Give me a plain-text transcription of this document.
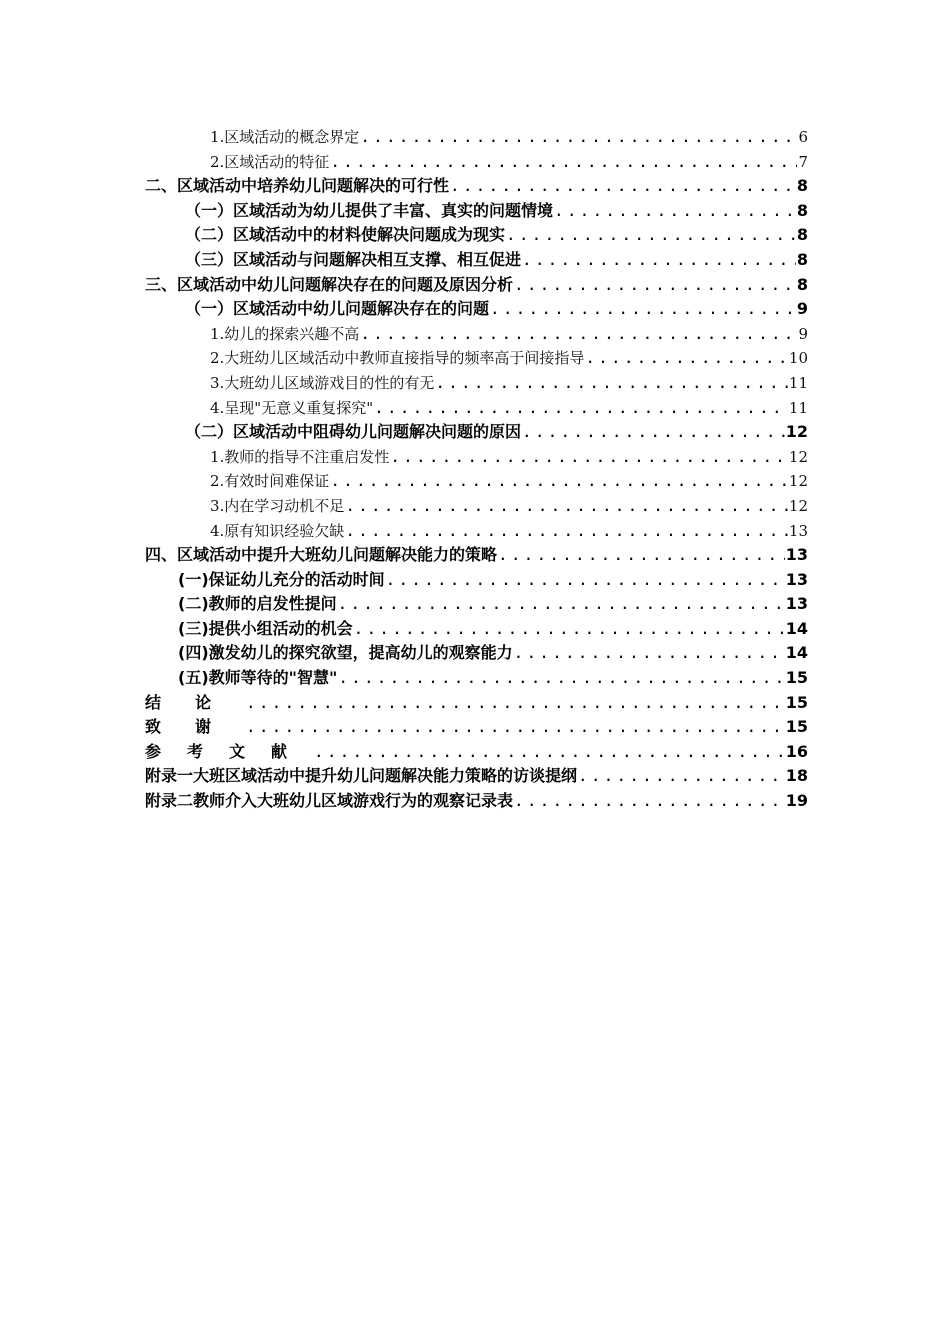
1.区域活动的概念界定 .....	6
2.区域活动的特征 .....	7
二、区域活动中培养幼儿问题解决的可行性 .....	8
（一）区域活动为幼儿提供了丰富、真实的问题情境 .....	8
（二）区域活动中的材料使解决问题成为现实 .....	8
（三）区域活动与问题解决相互支撑、相互促进 .....	8
三、区域活动中幼儿问题解决存在的问题及原因分析 .....	8
（一）区域活动中幼儿问题解决存在的问题 .....	9
1.幼儿的探索兴趣不高 .....	9
2.大班幼儿区域活动中教师直接指导的频率高于间接指导 .....	10
3.大班幼儿区域游戏目的性的有无 .....	11
4.呈现"无意义重复探究" .....	11
（二）区域活动中阻碍幼儿问题解决问题的原因 .....	12
1.教师的指导不注重启发性 .....	12
2.有效时间难保证 .....	12
3.内在学习动机不足 .....	12
4.原有知识经验欠缺 .....	13
四、区域活动中提升大班幼儿问题解决能力的策略 .....	13
(一)保证幼儿充分的活动时间 .....	13
(二)教师的启发性提问 .....	13
(三)提供小组活动的机会 .....	14
(四)激发幼儿的探究欲望，提高幼儿的观察能力 .....	14
(五)教师等待的"智慧" .....	15
结论 .....	15
致谢 .....	15
参考文献 .....	16
附录一大班区域活动中提升幼儿问题解决能力策略的访谈提纲 .....	18
附录二教师介入大班幼儿区域游戏行为的观察记录表 .....	19
